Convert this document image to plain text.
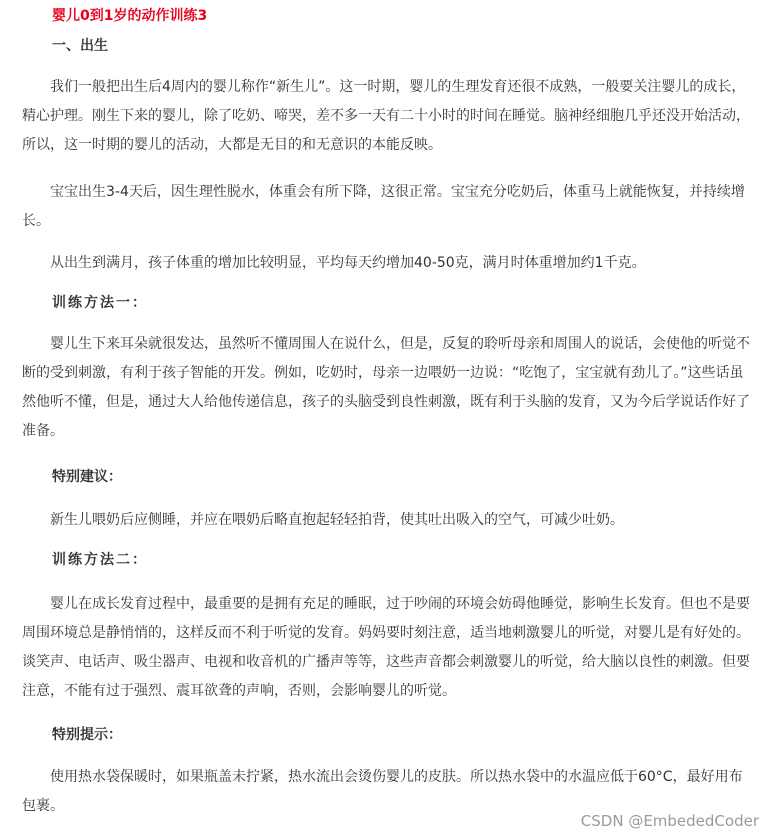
婴儿0到1岁的动作训练3
一、出生

我们一般把出生后4周内的婴儿称作“新生儿”。这一时期，婴儿的生理发育还很不成熟，一般要关注婴儿的成长，精心护理。刚生下来的婴儿，除了吃奶、啼哭，差不多一天有二十小时的时间在睡觉。脑神经细胞几乎还没开始活动，所以，这一时期的婴儿的活动，大都是无目的和无意识的本能反映。

宝宝出生3-4天后，因生理性脱水，体重会有所下降，这很正常。宝宝充分吃奶后，体重马上就能恢复，并持续增长。

从出生到满月，孩子体重的增加比较明显，平均每天约增加40-50克，满月时体重增加约1千克。

训练方法一：

婴儿生下来耳朵就很发达，虽然听不懂周围人在说什么，但是，反复的聆听母亲和周围人的说话，会使他的听觉不断的受到刺激，有利于孩子智能的开发。例如，吃奶时，母亲一边喂奶一边说：“吃饱了，宝宝就有劲儿了。”这些话虽然他听不懂，但是，通过大人给他传递信息，孩子的头脑受到良性刺激，既有利于头脑的发育，又为今后学说话作好了准备。

特别建议：

新生儿喂奶后应侧睡，并应在喂奶后略直抱起轻轻拍背，使其吐出吸入的空气，可减少吐奶。

训练方法二：

婴儿在成长发育过程中，最重要的是拥有充足的睡眠，过于吵闹的环境会妨碍他睡觉，影响生长发育。但也不是要周围环境总是静悄悄的，这样反而不利于听觉的发育。妈妈要时刻注意，适当地刺激婴儿的听觉，对婴儿是有好处的。谈笑声、电话声、吸尘器声、电视和收音机的广播声等等，这些声音都会刺激婴儿的听觉，给大脑以良性的刺激。但要注意，不能有过于强烈、震耳欲聋的声响，否则，会影响婴儿的听觉。

特别提示：

使用热水袋保暖时，如果瓶盖未拧紧，热水流出会烫伤婴儿的皮肤。所以热水袋中的水温应低于60°C，最好用布包裹。

CSDN @EmbededCoder
